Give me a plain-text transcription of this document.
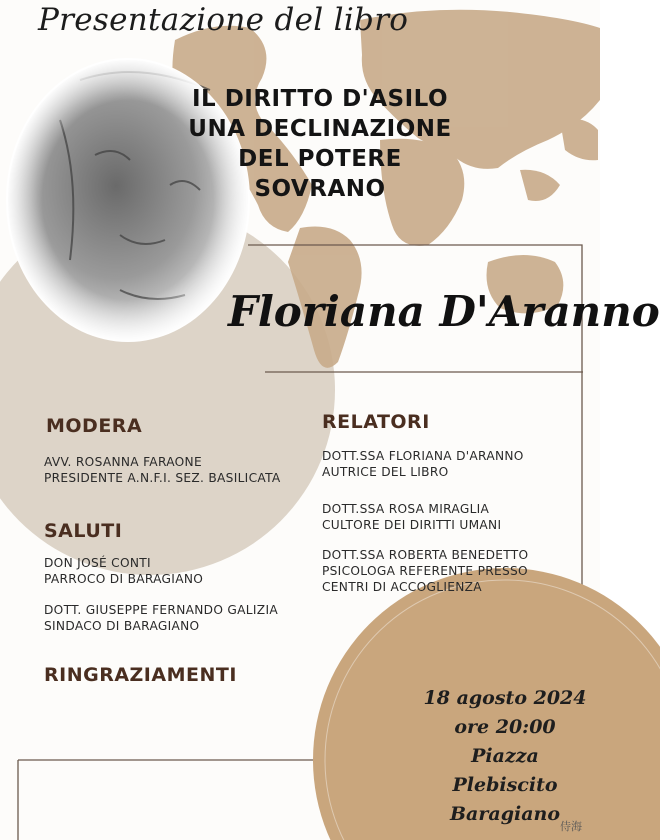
Presentazione del libro
IL DIRITTO D'ASILO
UNA DECLINAZIONE
DEL POTERE
SOVRANO
Floriana D'Aranno
MODERA
AVV. ROSANNA FARAONE
PRESIDENTE A.N.F.I. SEZ. BASILICATA
SALUTI
DON JOSÉ CONTI
PARROCO DI BARAGIANO
DOTT. GIUSEPPE FERNANDO GALIZIA
SINDACO DI BARAGIANO
RINGRAZIAMENTI
RELATORI
DOTT.SSA FLORIANA D'ARANNO
AUTRICE DEL LIBRO
DOTT.SSA ROSA MIRAGLIA
CULTORE DEI DIRITTI UMANI
DOTT.SSA ROBERTA BENEDETTO
PSICOLOGA REFERENTE PRESSO
CENTRI DI ACCOGLIENZA
18 agosto 2024
ore 20:00
Piazza Plebiscito
Baragiano
侍海
